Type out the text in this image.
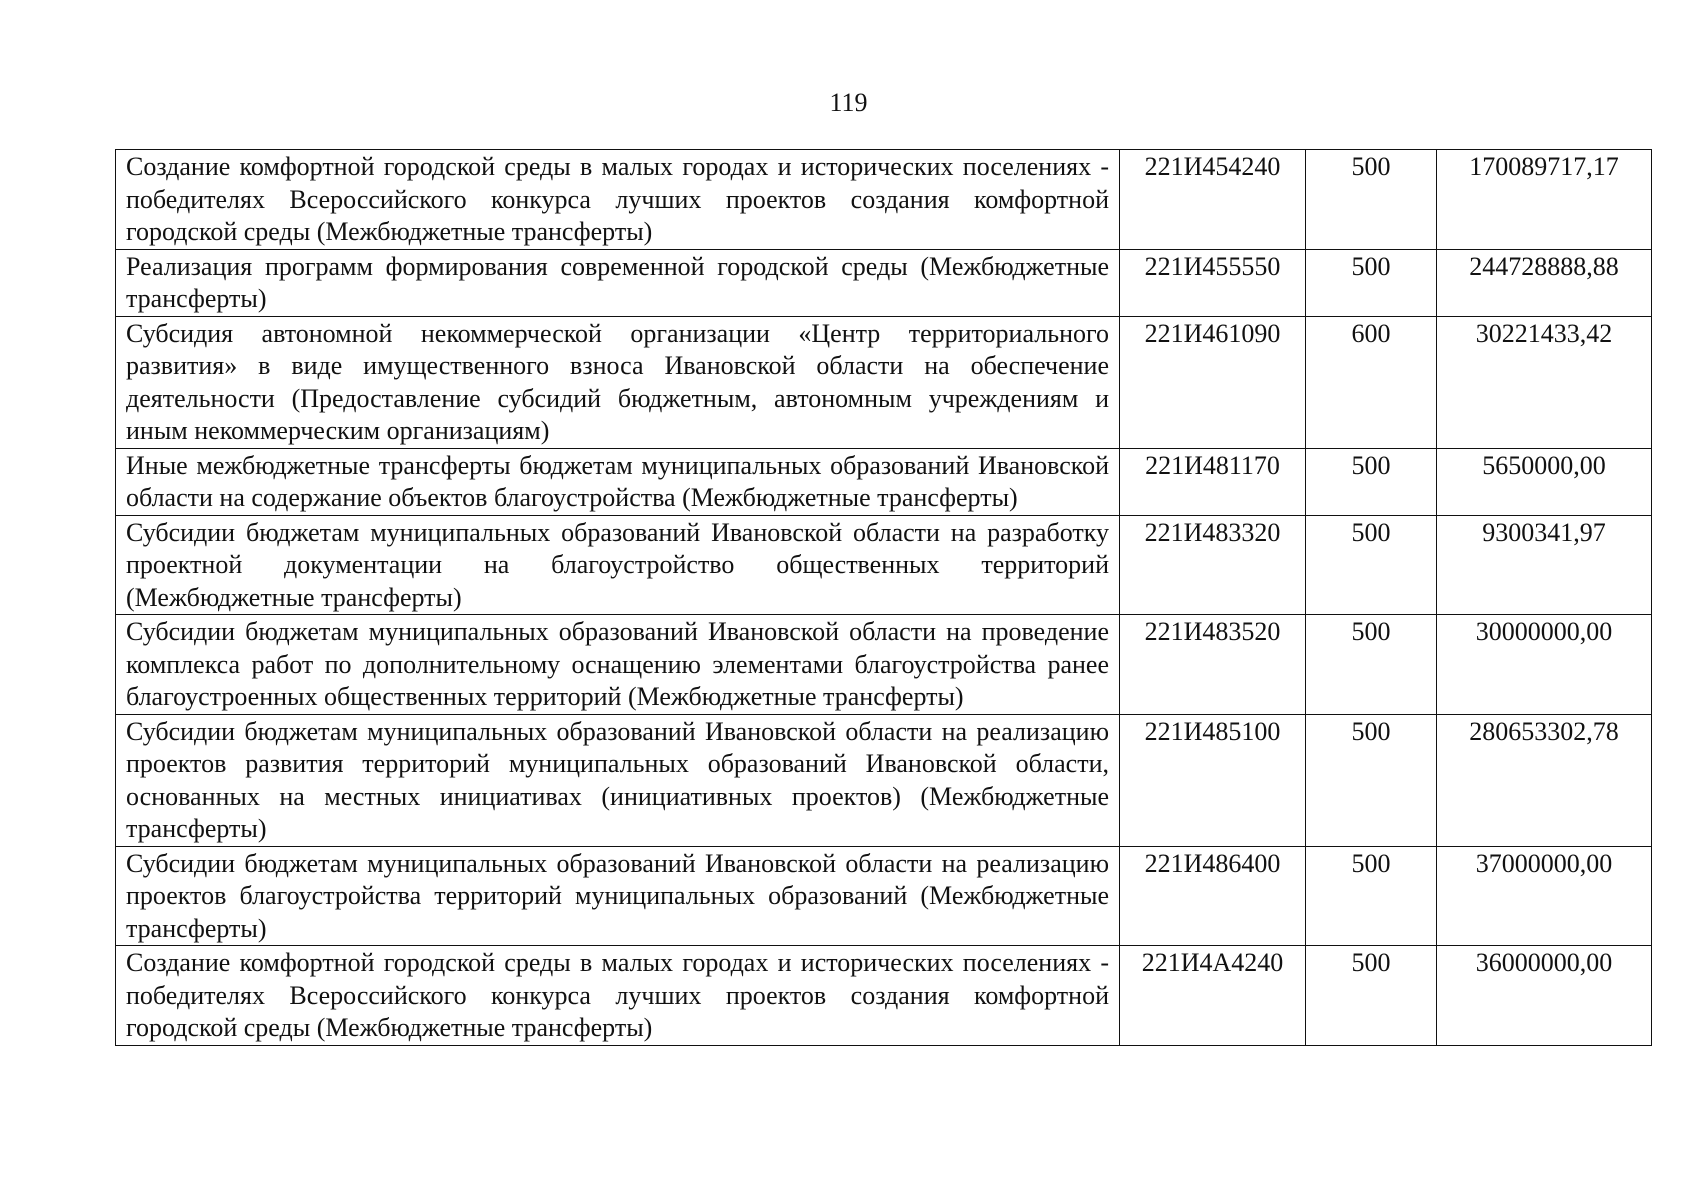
119
Создание комфортной городской среды в малых городах и исторических поселениях - победителях Всероссийского конкурса лучших проектов создания комфортной городской среды (Межбюджетные трансферты)	221И454240	500	170089717,17
Реализация программ формирования современной городской среды (Межбюджетные трансферты)	221И455550	500	244728888,88
Субсидия автономной некоммерческой организации «Центр территориального развития» в виде имущественного взноса Ивановской области на обеспечение деятельности (Предоставление субсидий бюджетным, автономным учреждениям и иным некоммерческим организациям)	221И461090	600	30221433,42
Иные межбюджетные трансферты бюджетам муниципальных образований Ивановской области на содержание объектов благоустройства (Межбюджетные трансферты)	221И481170	500	5650000,00
Субсидии бюджетам муниципальных образований Ивановской области на разработку проектной документации на благоустройство общественных территорий (Межбюджетные трансферты)	221И483320	500	9300341,97
Субсидии бюджетам муниципальных образований Ивановской области на проведение комплекса работ по дополнительному оснащению элементами благоустройства ранее благоустроенных общественных территорий (Межбюджетные трансферты)	221И483520	500	30000000,00
Субсидии бюджетам муниципальных образований Ивановской области на реализацию проектов развития территорий муниципальных образований Ивановской области, основанных на местных инициативах (инициативных проектов) (Межбюджетные трансферты)	221И485100	500	280653302,78
Субсидии бюджетам муниципальных образований Ивановской области на реализацию проектов благоустройства территорий муниципальных образований (Межбюджетные трансферты)	221И486400	500	37000000,00
Создание комфортной городской среды в малых городах и исторических поселениях - победителях Всероссийского конкурса лучших проектов создания комфортной городской среды (Межбюджетные трансферты)	221И4А4240	500	36000000,00
